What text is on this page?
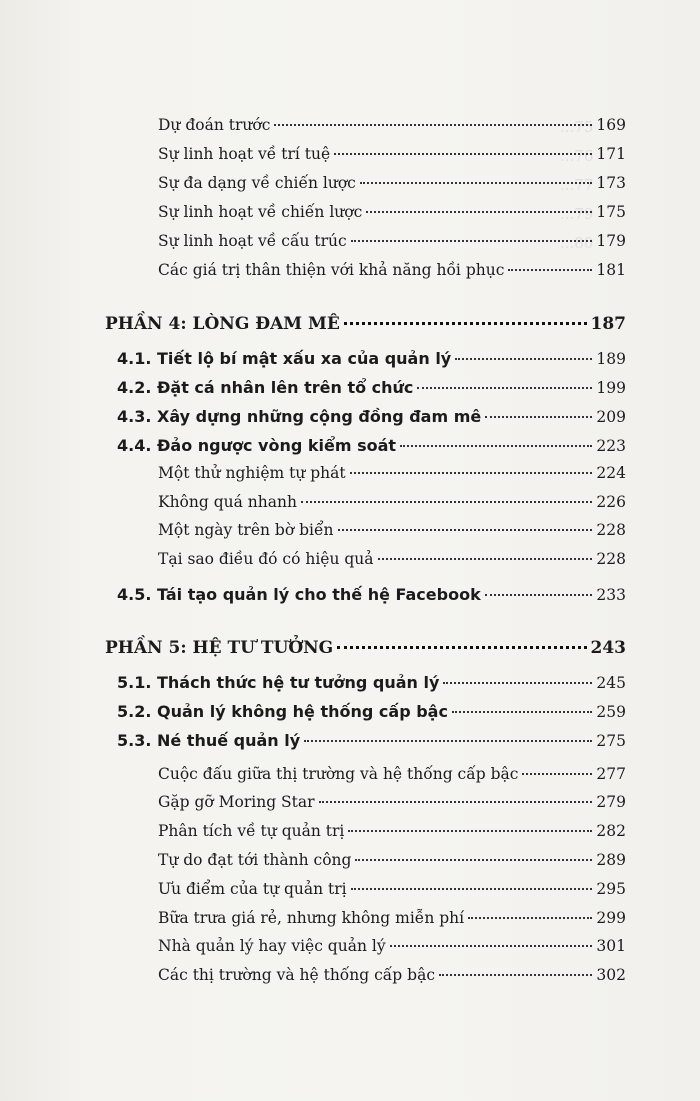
...75
...76
...77
...79
...80
Dự đoán trước	169
Sự linh hoạt về trí tuệ	171
Sự đa dạng về chiến lược	173
Sự linh hoạt về chiến lược	175
Sự linh hoạt về cấu trúc	179
Các giá trị thân thiện với khả năng hồi phục	181
PHẦN 4: LÒNG ĐAM MÊ	187
4.1. Tiết lộ bí mật xấu xa của quản lý	189
4.2. Đặt cá nhân lên trên tổ chức	199
4.3. Xây dựng những cộng đồng đam mê	209
4.4. Đảo ngược vòng kiểm soát	223
Một thử nghiệm tự phát	224
Không quá nhanh	226
Một ngày trên bờ biển	228
Tại sao điều đó có hiệu quả	228
4.5. Tái tạo quản lý cho thế hệ Facebook	233
PHẦN 5: HỆ TƯ TƯỞNG	243
5.1. Thách thức hệ tư tưởng quản lý	245
5.2. Quản lý không hệ thống cấp bậc	259
5.3. Né thuế quản lý	275
Cuộc đấu giữa thị trường và hệ thống cấp bậc	277
Gặp gỡ Moring Star	279
Phân tích về tự quản trị	282
Tự do đạt tới thành công	289
Ưu điểm của tự quản trị	295
Bữa trưa giá rẻ, nhưng không miễn phí	299
Nhà quản lý hay việc quản lý	301
Các thị trường và hệ thống cấp bậc	302
